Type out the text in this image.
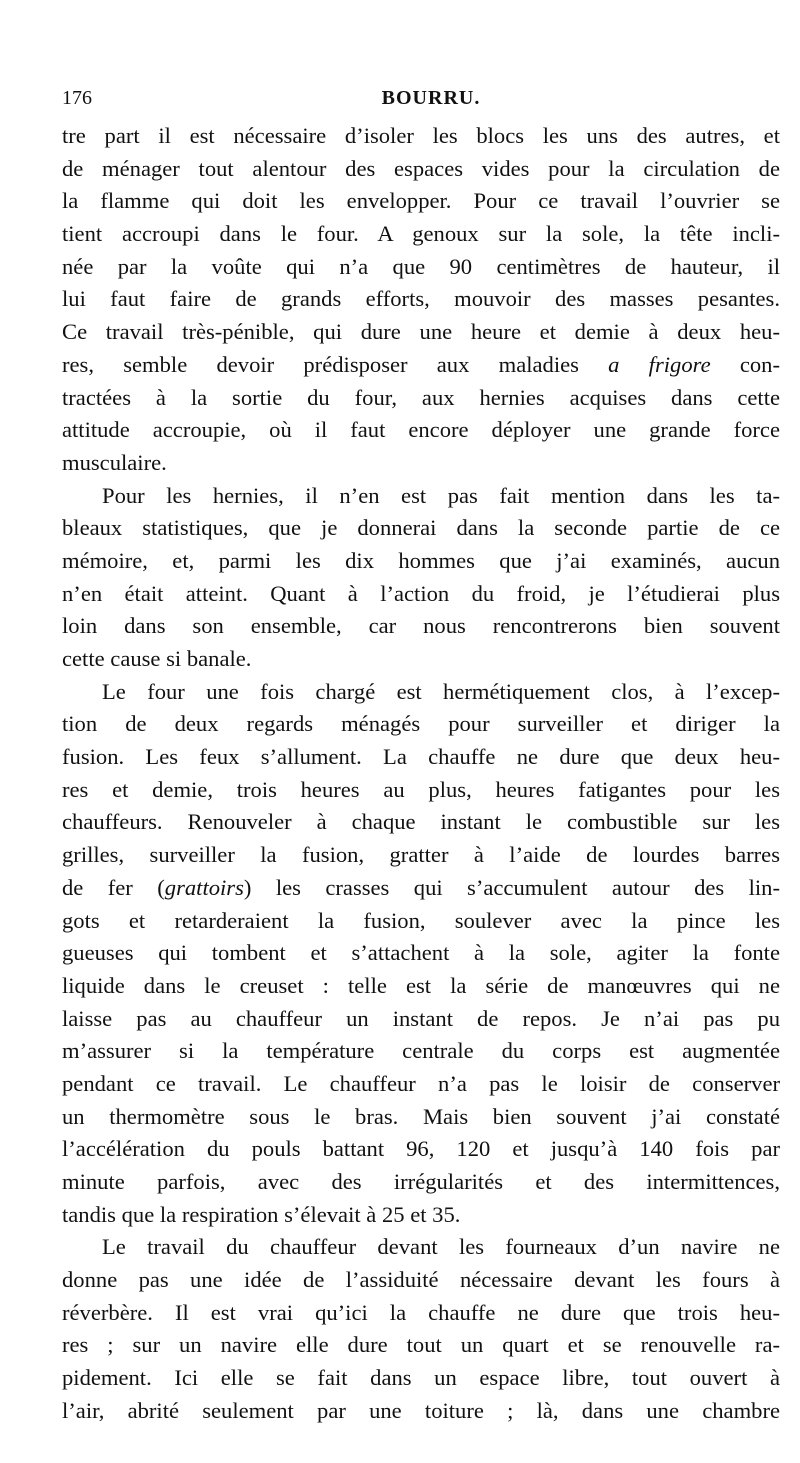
176	BOURRU.
tre part il est nécessaire d’isoler les blocs les uns des autres, et
de ménager tout alentour des espaces vides pour la circulation de
la flamme qui doit les envelopper. Pour ce travail l’ouvrier se
tient accroupi dans le four. A genoux sur la sole, la tête incli-
née par la voûte qui n’a que 90 centimètres de hauteur, il
lui faut faire de grands efforts, mouvoir des masses pesantes.
Ce travail très-pénible, qui dure une heure et demie à deux heu-
res, semble devoir prédisposer aux maladies a frigore con-
tractées à la sortie du four, aux hernies acquises dans cette
attitude accroupie, où il faut encore déployer une grande force
musculaire.
Pour les hernies, il n’en est pas fait mention dans les ta-
bleaux statistiques, que je donnerai dans la seconde partie de ce
mémoire, et, parmi les dix hommes que j’ai examinés, aucun
n’en était atteint. Quant à l’action du froid, je l’étudierai plus
loin dans son ensemble, car nous rencontrerons bien souvent
cette cause si banale.
Le four une fois chargé est hermétiquement clos, à l’excep-
tion de deux regards ménagés pour surveiller et diriger la
fusion. Les feux s’allument. La chauffe ne dure que deux heu-
res et demie, trois heures au plus, heures fatigantes pour les
chauffeurs. Renouveler à chaque instant le combustible sur les
grilles, surveiller la fusion, gratter à l’aide de lourdes barres
de fer (grattoirs) les crasses qui s’accumulent autour des lin-
gots et retarderaient la fusion, soulever avec la pince les
gueuses qui tombent et s’attachent à la sole, agiter la fonte
liquide dans le creuset : telle est la série de manœuvres qui ne
laisse pas au chauffeur un instant de repos. Je n’ai pas pu
m’assurer si la température centrale du corps est augmentée
pendant ce travail. Le chauffeur n’a pas le loisir de conserver
un thermomètre sous le bras. Mais bien souvent j’ai constaté
l’accélération du pouls battant 96, 120 et jusqu’à 140 fois par
minute parfois, avec des irrégularités et des intermittences,
tandis que la respiration s’élevait à 25 et 35.
Le travail du chauffeur devant les fourneaux d’un navire ne
donne pas une idée de l’assiduité nécessaire devant les fours à
réverbère. Il est vrai qu’ici la chauffe ne dure que trois heu-
res ; sur un navire elle dure tout un quart et se renouvelle ra-
pidement. Ici elle se fait dans un espace libre, tout ouvert à
l’air, abrité seulement par une toiture ; là, dans une chambre
